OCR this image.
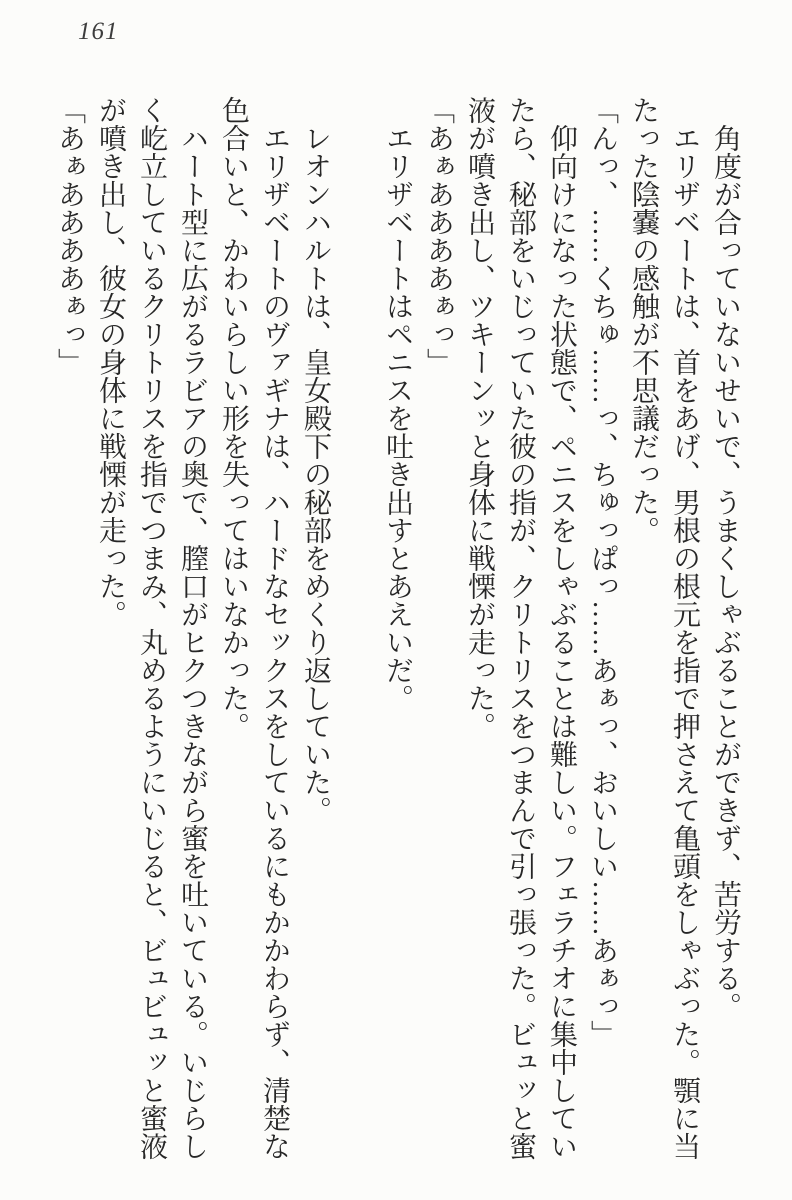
161

角度が合っていないせいで、うまくしゃぶることができず、苦労する。

エリザベートは、首をあげ、男根の根元を指で押さえて亀頭をしゃぶった。顎に当たった陰嚢の感触が不思議だった。

「んっ、……くちゅ……っ、ちゅっぱっ……あぁっ、おいしい……あぁっ」

仰向けになった状態で、ペニスをしゃぶることは難しい。フェラチオに集中していたら、秘部をいじっていた彼の指が、クリトリスをつまんで引っ張った。ビュッと蜜液が噴き出し、ツキーンッと身体に戦慄が走った。

「あぁああああぁっ」

エリザベートはペニスを吐き出すとあえいだ。

レオンハルトは、皇女殿下の秘部をめくり返していた。

エリザベートのヴァギナは、ハードなセックスをしているにもかかわらず、清楚な色合いと、かわいらしい形を失ってはいなかった。

ハート型に広がるラビアの奥で、膣口がヒクつきながら蜜を吐いている。いじらしく屹立しているクリトリスを指でつまみ、丸めるようにいじると、ビュビュッと蜜液が噴き出し、彼女の身体に戦慄が走った。

「あぁああああぁっ」
